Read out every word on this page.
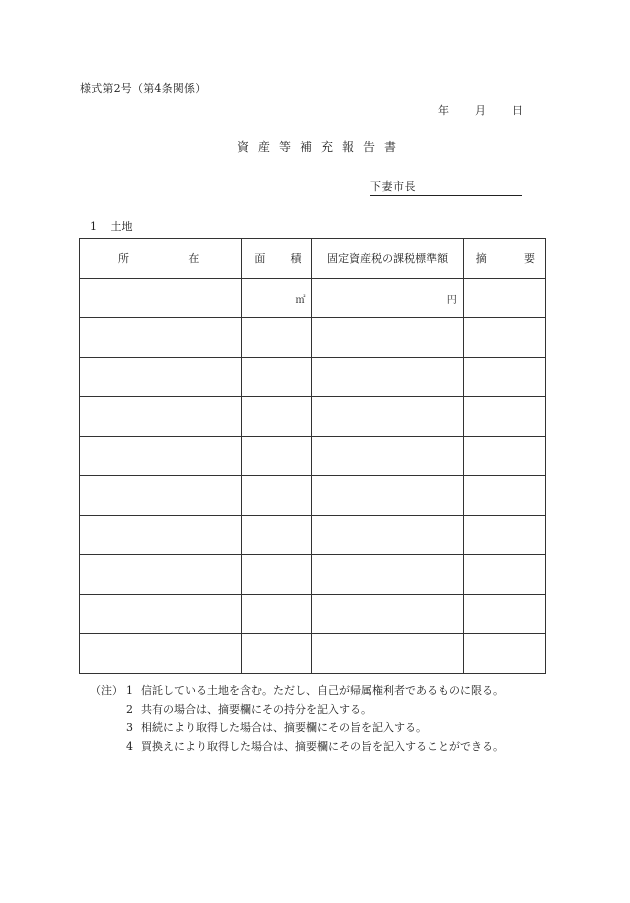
様式第2号（第4条関係）
年 月 日
資産等補充報告書
下妻市長
1 土地
所 在	面 積	固定資産税の課税標準額	摘 要

	㎡	円	

（注） 1 信託している土地を含む。ただし、自己が帰属権利者であるものに限る。
2 共有の場合は、摘要欄にその持分を記入する。
3 相続により取得した場合は、摘要欄にその旨を記入する。
4 買換えにより取得した場合は、摘要欄にその旨を記入することができる。
